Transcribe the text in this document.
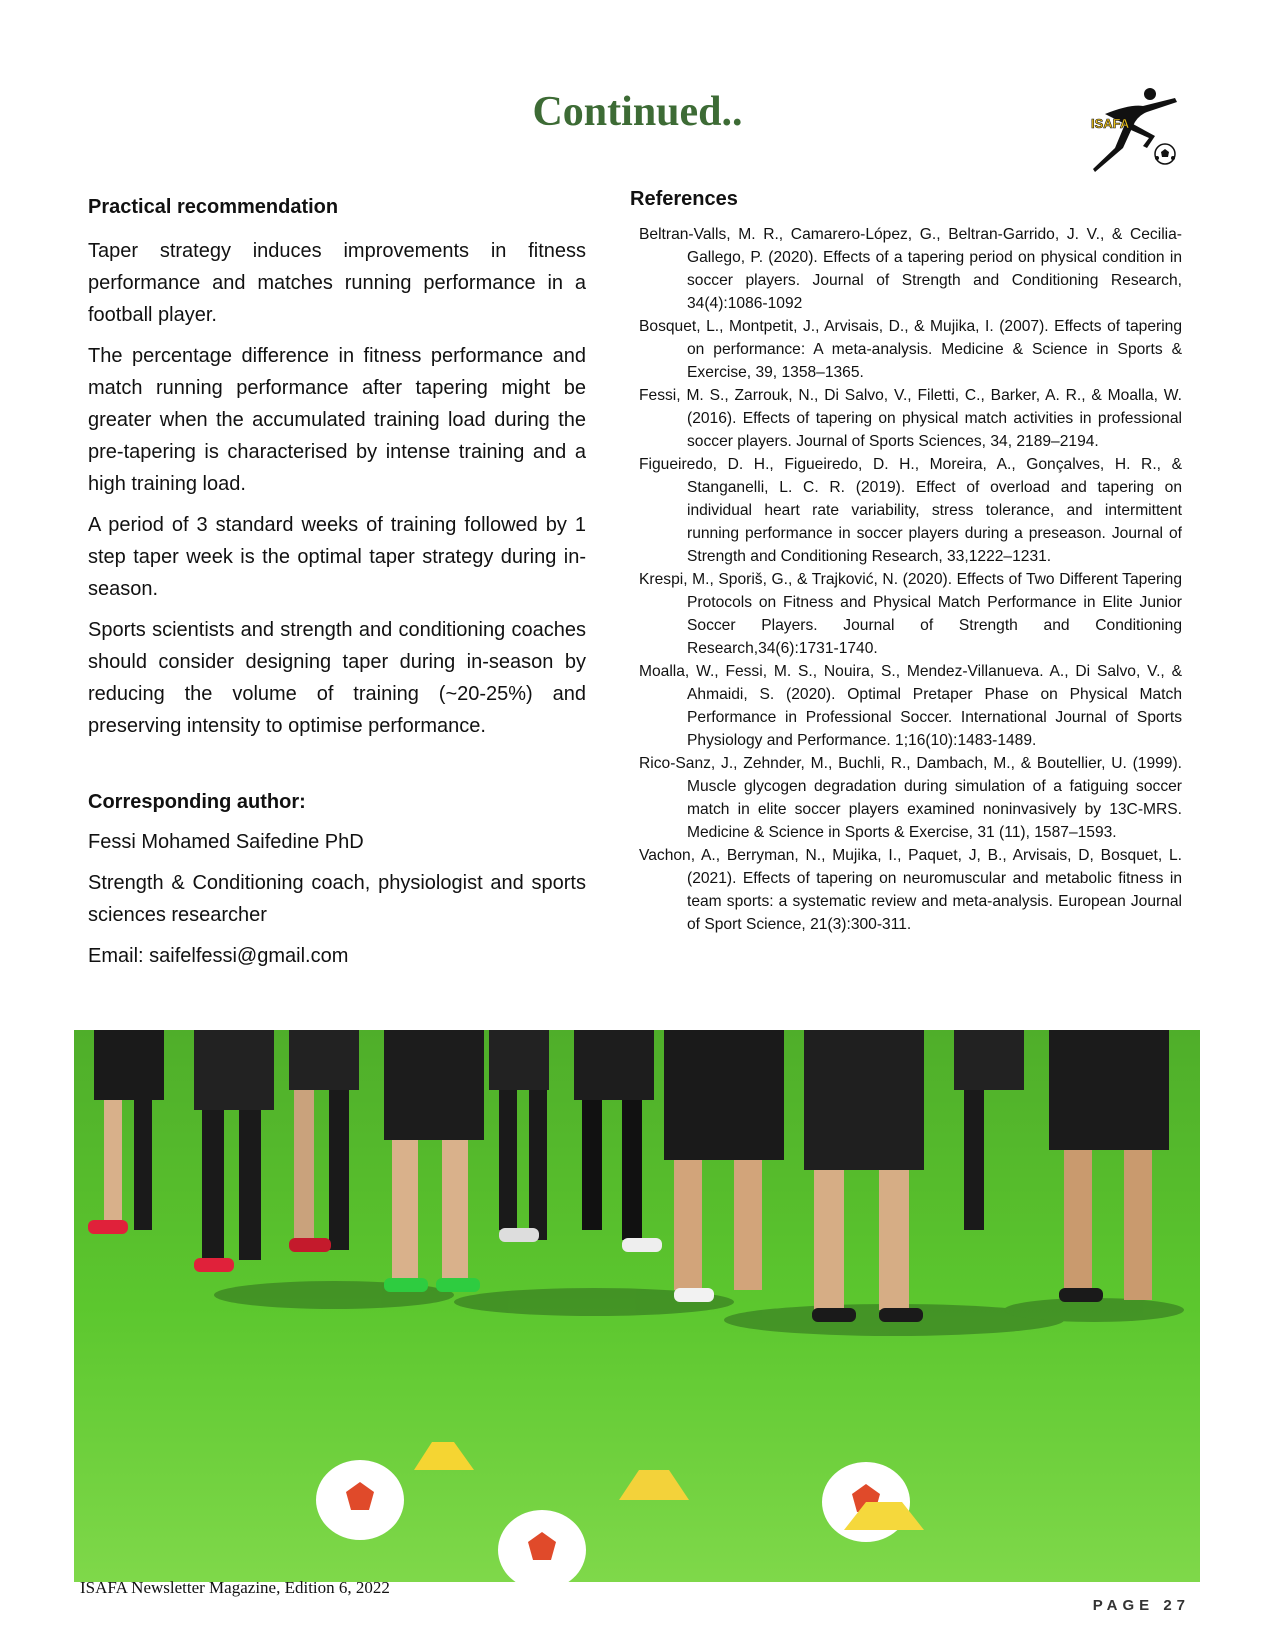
Continued..	ISAFA
Practical recommendation

Taper strategy induces improvements in fitness performance and matches running performance in a football player.

The percentage difference in fitness performance and match running performance after tapering might be greater when the accumulated training load during the pre-tapering is characterised by intense training and a high training load.

A period of 3 standard weeks of training followed by 1 step taper week is the optimal taper strategy during in-season.

Sports scientists and strength and conditioning coaches should consider designing taper during in-season by reducing the volume of training (~20-25%) and preserving intensity to optimise performance.

Corresponding author:

Fessi Mohamed Saifedine PhD

Strength & Conditioning coach, physiologist and sports sciences researcher

Email: saifelfessi@gmail.com

References
Beltran-Valls, M. R., Camarero-López, G., Beltran-Garrido, J. V., & Cecilia-Gallego, P. (2020). Effects of a tapering period on physical condition in soccer players. Journal of Strength and Conditioning Research, 34(4):1086-1092
Bosquet, L., Montpetit, J., Arvisais, D., & Mujika, I. (2007). Effects of tapering on performance: A meta-analysis. Medicine & Science in Sports & Exercise, 39, 1358–1365.
Fessi, M. S., Zarrouk, N., Di Salvo, V., Filetti, C., Barker, A. R., & Moalla, W. (2016). Effects of tapering on physical match activities in professional soccer players. Journal of Sports Sciences, 34, 2189–2194.
Figueiredo, D. H., Figueiredo, D. H., Moreira, A., Gonçalves, H. R., & Stanganelli, L. C. R. (2019). Effect of overload and tapering on individual heart rate variability, stress tolerance, and intermittent running performance in soccer players during a preseason. Journal of Strength and Conditioning Research, 33,1222–1231.
Krespi, M., Sporiš, G., & Trajković, N. (2020). Effects of Two Different Tapering Protocols on Fitness and Physical Match Performance in Elite Junior Soccer Players. Journal of Strength and Conditioning Research,34(6):1731-1740.
Moalla, W., Fessi, M. S., Nouira, S., Mendez-Villanueva. A., Di Salvo, V., & Ahmaidi, S. (2020). Optimal Pretaper Phase on Physical Match Performance in Professional Soccer. International Journal of Sports Physiology and Performance. 1;16(10):1483-1489.
Rico-Sanz, J., Zehnder, M., Buchli, R., Dambach, M., & Boutellier, U. (1999). Muscle glycogen degradation during simulation of a fatiguing soccer match in elite soccer players examined noninvasively by 13C-MRS. Medicine & Science in Sports & Exercise, 31 (11), 1587–1593.
Vachon, A., Berryman, N., Mujika, I., Paquet, J, B., Arvisais, D, Bosquet, L. (2021). Effects of tapering on neuromuscular and metabolic fitness in team sports: a systematic review and meta-analysis. European Journal of Sport Science, 21(3):300-311.
ISAFA Newsletter Magazine, Edition 6, 2022
PAGE 27
